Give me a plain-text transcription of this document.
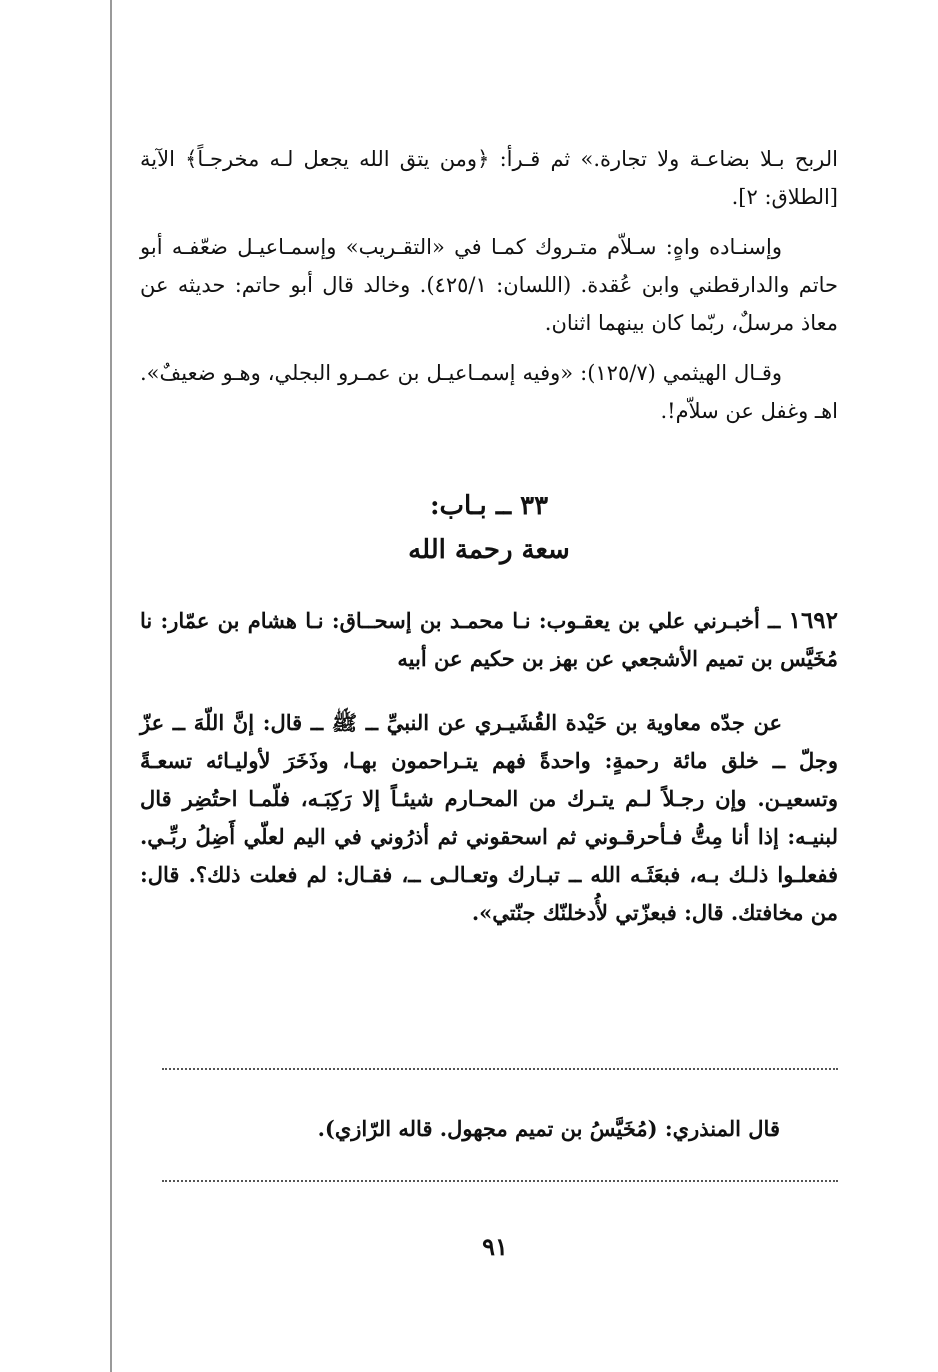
الربح بـلا بضاعـة ولا تجارة.» ثم قـرأ: ﴿ومن يتق الله يجعل لـه مخرجـاً﴾ الآية [الطلاق: ٢].

وإسنـاده واهٍ: سـلاّم متـروك كمـا في «التقـريب» وإسمـاعيـل ضعّفـه أبو حاتم والدارقطني وابن عُقدة. (اللسان: ٤٢٥/١). وخالد قال أبو حاتم: حديثه عن معاذ مرسلٌ، ربّما كان بينهما اثنان.

وقـال الهيثمي (١٢٥/٧): «وفيه إسمـاعيـل بن عمـرو البجلي، وهـو ضعيفٌ». اهـ وغفل عن سلاّم!.

٣٣ ــ بـاب:

سعة رحمة الله

١٦٩٢ ــ أخبـرني علي بن يعقـوب: نـا محمـد بن إسحــاق: نـا هشام بن عمّار: نا مُخَيَّس بن تميم الأشجعي عن بهز بن حكيم عن أبيه

عن جدّه معاوية بن حَيْدة القُشَيـري عن النبيِّ ــ ﷺ ــ قال: إنَّ اللّهَ ــ عزّ وجلّ ــ خلق مائة رحمةٍ: واحدةً فهم يتـراحمون بهـا، وذَخَرَ لأوليـائه تسعـةً وتسعيـن. وإن رجـلاً لـم يتـرك من المحـارم شيئـاً إلا رَكِبَـه، فلّمـا احتُضِر قال لبنيـه: إذا أنا مِتُّ فـأحرقـوني ثم اسحقوني ثم أذرُوني في اليم لعلّي أَضِلُ ربِّـي. ففعلـوا ذلـك بـه، فبعَثَـه الله ــ تبـارك وتعـالـى ــ، فقـال: لم فعلت ذلك؟. قال: من مخافتك. قال: فبعزّتي لأُدخلنّك جنّتي».

قال المنذري: (مُخَيَّسُ بن تميم مجهول. قاله الرّازي).

٩١
